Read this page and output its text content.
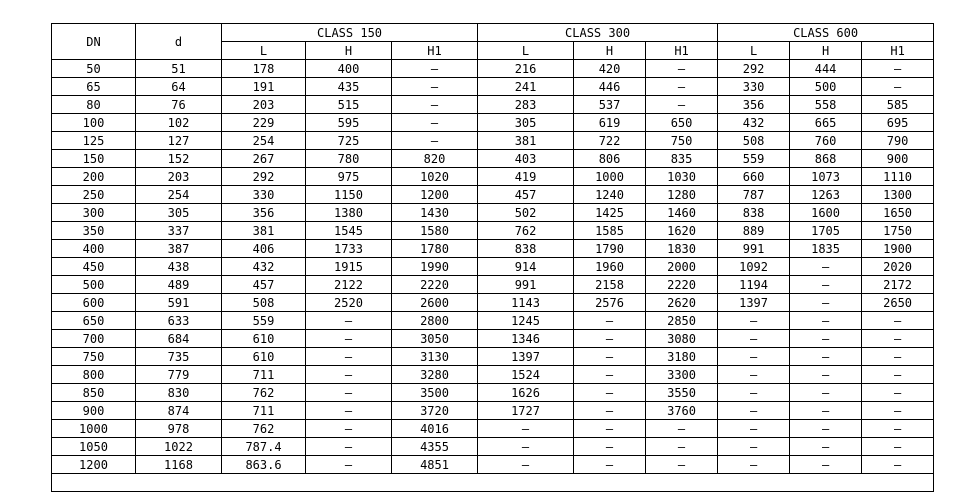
DN	d	CLASS 150			CLASS 300			CLASS 600		
		L	H	H1	L	H	H1	L	H	H1
50	51	178	400	–	216	420	–	292	444	–
65	64	191	435	–	241	446	–	330	500	–
80	76	203	515	–	283	537	–	356	558	585
100	102	229	595	–	305	619	650	432	665	695
125	127	254	725	–	381	722	750	508	760	790
150	152	267	780	820	403	806	835	559	868	900
200	203	292	975	1020	419	1000	1030	660	1073	1110
250	254	330	1150	1200	457	1240	1280	787	1263	1300
300	305	356	1380	1430	502	1425	1460	838	1600	1650
350	337	381	1545	1580	762	1585	1620	889	1705	1750
400	387	406	1733	1780	838	1790	1830	991	1835	1900
450	438	432	1915	1990	914	1960	2000	1092	–	2020
500	489	457	2122	2220	991	2158	2220	1194	–	2172
600	591	508	2520	2600	1143	2576	2620	1397	–	2650
650	633	559	–	2800	1245	–	2850	–	–	–
700	684	610	–	3050	1346	–	3080	–	–	–
750	735	610	–	3130	1397	–	3180	–	–	–
800	779	711	–	3280	1524	–	3300	–	–	–
850	830	762	–	3500	1626	–	3550	–	–	–
900	874	711	–	3720	1727	–	3760	–	–	–
1000	978	762	–	4016	–	–	–	–	–	–
1050	1022	787.4	–	4355	–	–	–	–	–	–
1200	1168	863.6	–	4851	–	–	–	–	–	–
